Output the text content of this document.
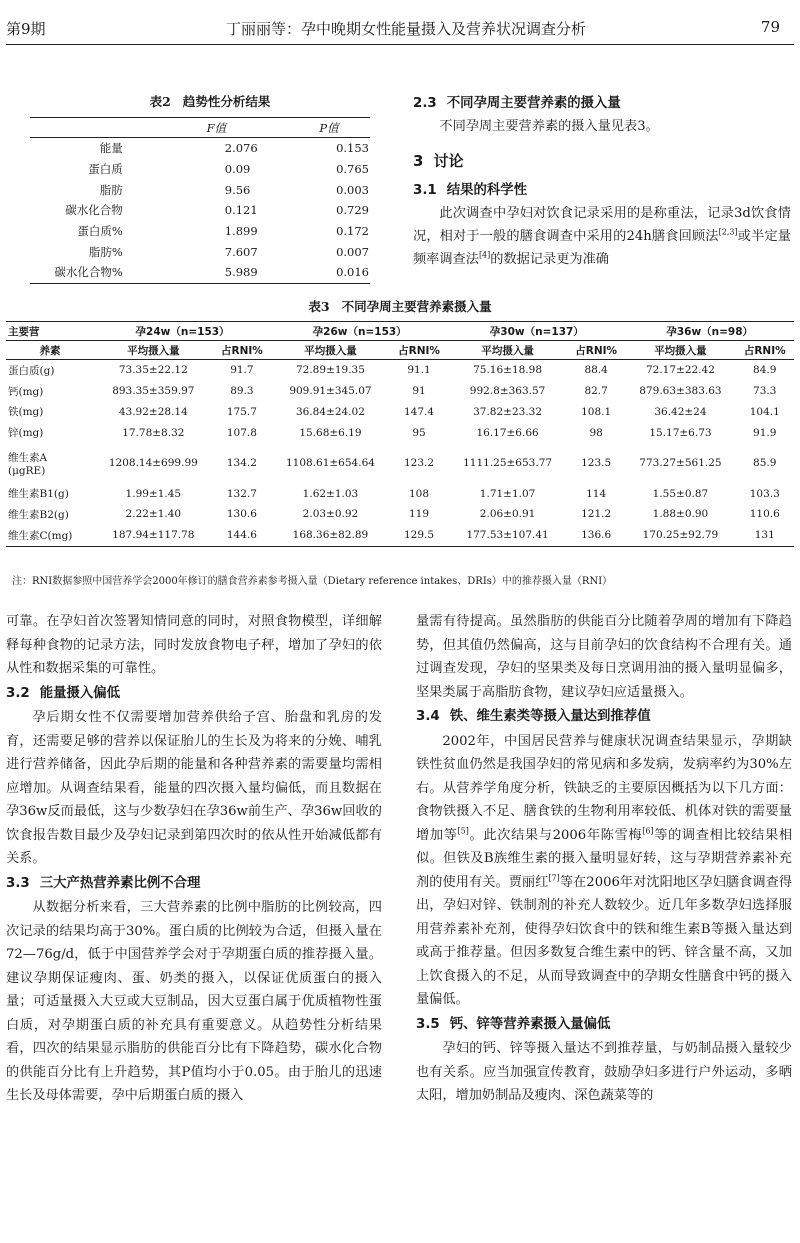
第9期	丁丽丽等：孕中晚期女性能量摄入及营养状况调查分析	79
表2 趋势性分析结果
	F值	P值
能量	2.076	0.153
蛋白质	0.09	0.765
脂肪	9.56	0.003
碳水化合物	0.121	0.729
蛋白质%	1.899	0.172
脂肪%	7.607	0.007
碳水化合物%	5.989	0.016
2.3 不同孕周主要营养素的摄入量

不同孕周主要营养素的摄入量见表3。

3 讨论
3.1 结果的科学性

此次调查中孕妇对饮食记录采用的是称重法，记录3d饮食情况，相对于一般的膳食调查中采用的24h膳食回顾法[2,3]或半定量频率调查法[4]的数据记录更为准确

表3 不同孕周主要营养素摄入量
主要营	孕24w（n=153）		孕26w（n=153）		孕30w（n=137）		孕36w（n=98）	
养素	平均摄入量	占RNI%	平均摄入量	占RNI%	平均摄入量	占RNI%	平均摄入量	占RNI%
蛋白质(g)	73.35±22.12	91.7	72.89±19.35	91.1	75.16±18.98	88.4	72.17±22.42	84.9
钙(mg)	893.35±359.97	89.3	909.91±345.07	91	992.8±363.57	82.7	879.63±383.63	73.3
铁(mg)	43.92±28.14	175.7	36.84±24.02	147.4	37.82±23.32	108.1	36.42±24	104.1
锌(mg)	17.78±8.32	107.8	15.68±6.19	95	16.17±6.66	98	15.17±6.73	91.9
维生素A
(μgRE)	1208.14±699.99	134.2	1108.61±654.64	123.2	1111.25±653.77	123.5	773.27±561.25	85.9
维生素B1(g)	1.99±1.45	132.7	1.62±1.03	108	1.71±1.07	114	1.55±0.87	103.3
维生素B2(g)	2.22±1.40	130.6	2.03±0.92	119	2.06±0.91	121.2	1.88±0.90	110.6
维生素C(mg)	187.94±117.78	144.6	168.36±82.89	129.5	177.53±107.41	136.6	170.25±92.79	131
注：RNI数据参照中国营养学会2000年修订的膳食营养素参考摄入量（Dietary reference intakes、DRIs）中的推荐摄入量（RNI）

可靠。在孕妇首次签署知情同意的同时，对照食物模型，详细解释每种食物的记录方法，同时发放食物电子秤，增加了孕妇的依从性和数据采集的可靠性。

3.2 能量摄入偏低

孕后期女性不仅需要增加营养供给子宫、胎盘和乳房的发育，还需要足够的营养以保证胎儿的生长及为将来的分娩、哺乳进行营养储备，因此孕后期的能量和各种营养素的需要量均需相应增加。从调查结果看，能量的四次摄入量均偏低，而且数据在孕36w反而最低，这与少数孕妇在孕36w前生产、孕36w回收的饮食报告数目最少及孕妇记录到第四次时的依从性开始减低都有关系。

3.3 三大产热营养素比例不合理

从数据分析来看，三大营养素的比例中脂肪的比例较高，四次记录的结果均高于30%。蛋白质的比例较为合适，但摄入量在72—76g/d，低于中国营养学会对于孕期蛋白质的推荐摄入量。建议孕期保证瘦肉、蛋、奶类的摄入，以保证优质蛋白的摄入量；可适量摄入大豆或大豆制品，因大豆蛋白属于优质植物性蛋白质，对孕期蛋白质的补充具有重要意义。从趋势性分析结果看，四次的结果显示脂肪的供能百分比有下降趋势，碳水化合物的供能百分比有上升趋势，其P值均小于0.05。由于胎儿的迅速生长及母体需要，孕中后期蛋白质的摄入

量需有待提高。虽然脂肪的供能百分比随着孕周的增加有下降趋势，但其值仍然偏高，这与目前孕妇的饮食结构不合理有关。通过调查发现，孕妇的坚果类及每日烹调用油的摄入量明显偏多，坚果类属于高脂肪食物，建议孕妇应适量摄入。

3.4 铁、维生素类等摄入量达到推荐值

2002年，中国居民营养与健康状况调查结果显示，孕期缺铁性贫血仍然是我国孕妇的常见病和多发病，发病率约为30%左右。从营养学角度分析，铁缺乏的主要原因概括为以下几方面：食物铁摄入不足、膳食铁的生物利用率较低、机体对铁的需要量增加等[5]。此次结果与2006年陈雪梅[6]等的调查相比较结果相似。但铁及B族维生素的摄入量明显好转，这与孕期营养素补充剂的使用有关。贾丽红[7]等在2006年对沈阳地区孕妇膳食调查得出，孕妇对锌、铁制剂的补充人数较少。近几年多数孕妇选择服用营养素补充剂，使得孕妇饮食中的铁和维生素B等摄入量达到或高于推荐量。但因多数复合维生素中的钙、锌含量不高，又加上饮食摄入的不足，从而导致调查中的孕期女性膳食中钙的摄入量偏低。

3.5 钙、锌等营养素摄入量偏低

孕妇的钙、锌等摄入量达不到推荐量，与奶制品摄入量较少也有关系。应当加强宣传教育，鼓励孕妇多进行户外运动，多晒太阳，增加奶制品及瘦肉、深色蔬菜等的
